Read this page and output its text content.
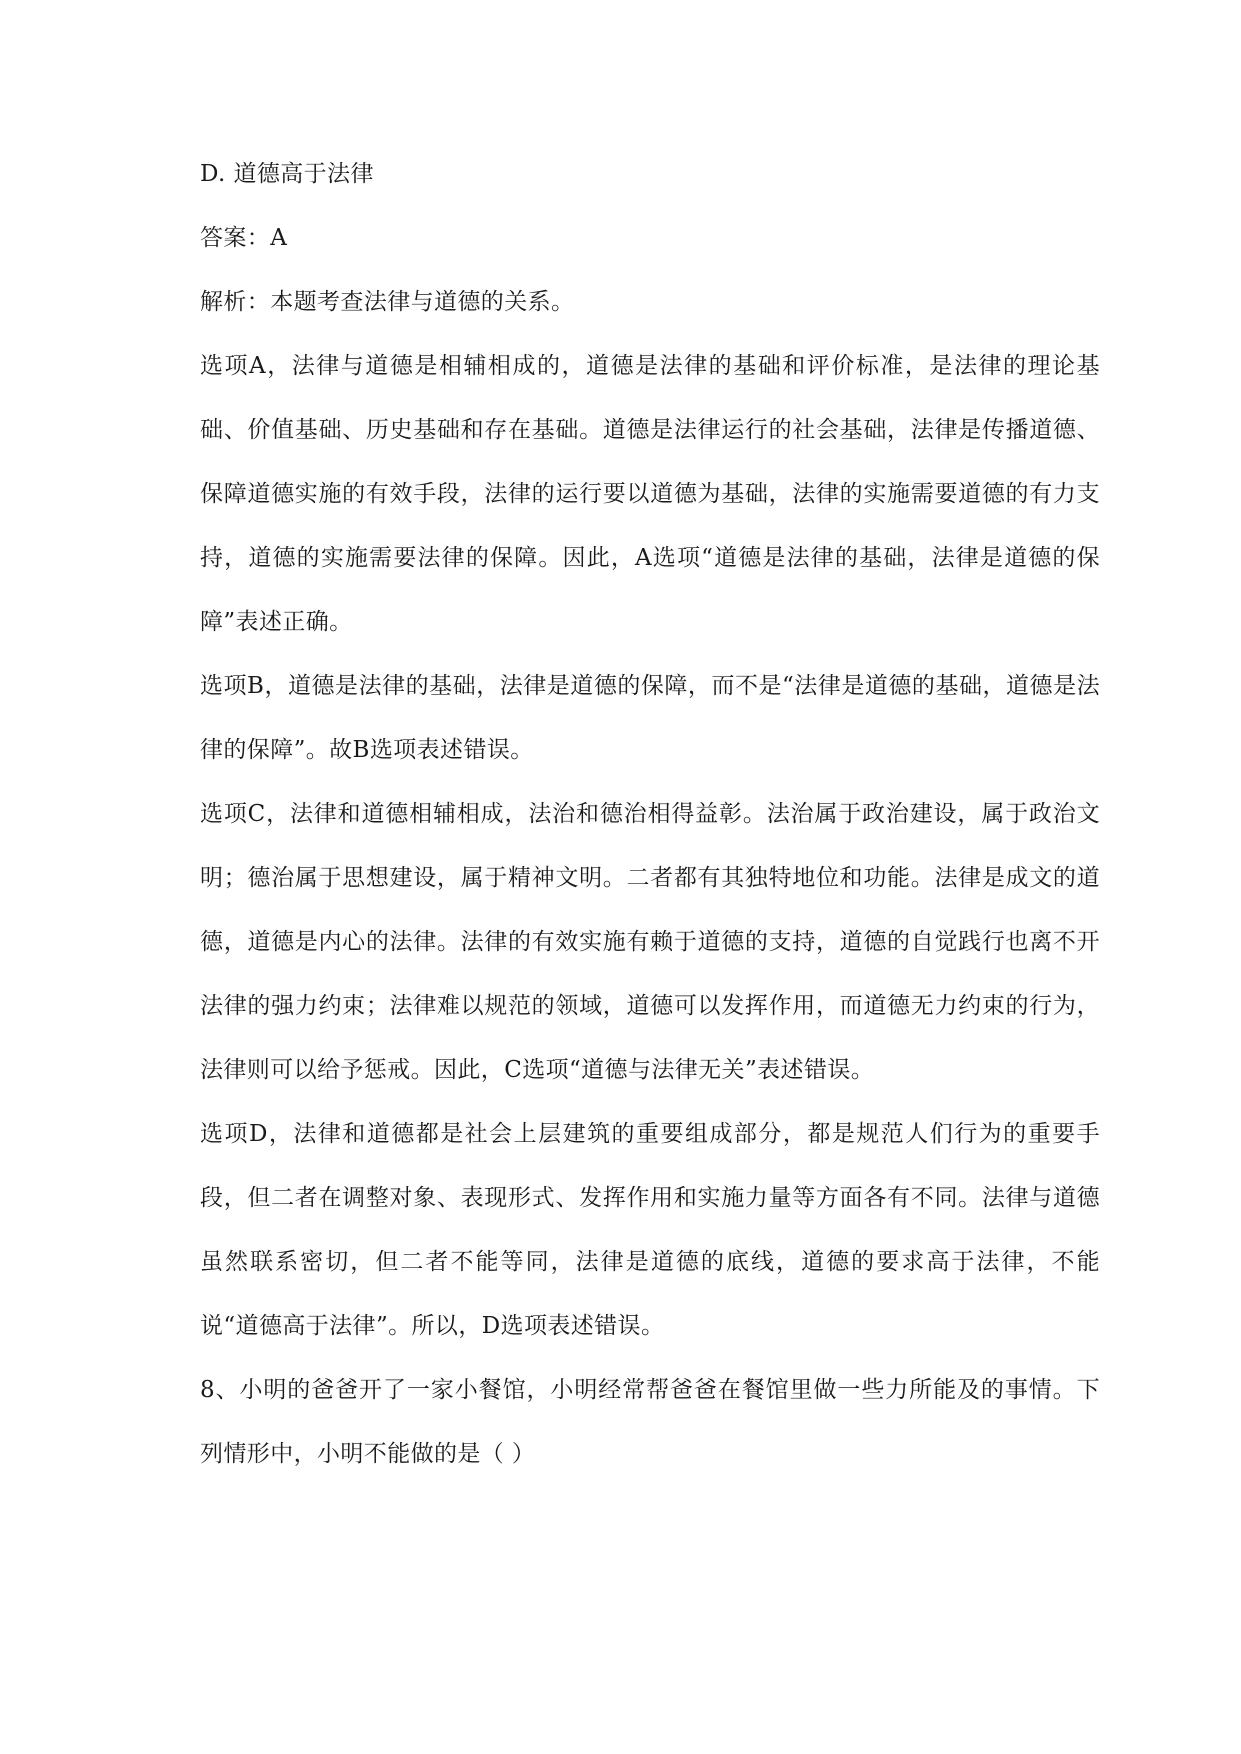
D. 道德高于法律

答案：A

解析：本题考查法律与道德的关系。

选项A，法律与道德是相辅相成的，道德是法律的基础和评价标准，是法律的理论基础、价值基础、历史基础和存在基础。道德是法律运行的社会基础，法律是传播道德、保障道德实施的有效手段，法律的运行要以道德为基础，法律的实施需要道德的有力支持，道德的实施需要法律的保障。因此，A选项“道德是法律的基础，法律是道德的保障”表述正确。

选项B，道德是法律的基础，法律是道德的保障，而不是“法律是道德的基础，道德是法律的保障”。故B选项表述错误。

选项C，法律和道德相辅相成，法治和德治相得益彰。法治属于政治建设，属于政治文明；德治属于思想建设，属于精神文明。二者都有其独特地位和功能。法律是成文的道德，道德是内心的法律。法律的有效实施有赖于道德的支持，道德的自觉践行也离不开法律的强力约束；法律难以规范的领域，道德可以发挥作用，而道德无力约束的行为，法律则可以给予惩戒。因此，C选项“道德与法律无关”表述错误。

选项D，法律和道德都是社会上层建筑的重要组成部分，都是规范人们行为的重要手段，但二者在调整对象、表现形式、发挥作用和实施力量等方面各有不同。法律与道德虽然联系密切，但二者不能等同，法律是道德的底线，道德的要求高于法律，不能说“道德高于法律”。所以，D选项表述错误。

8、小明的爸爸开了一家小餐馆，小明经常帮爸爸在餐馆里做一些力所能及的事情。下列情形中，小明不能做的是（ ）
